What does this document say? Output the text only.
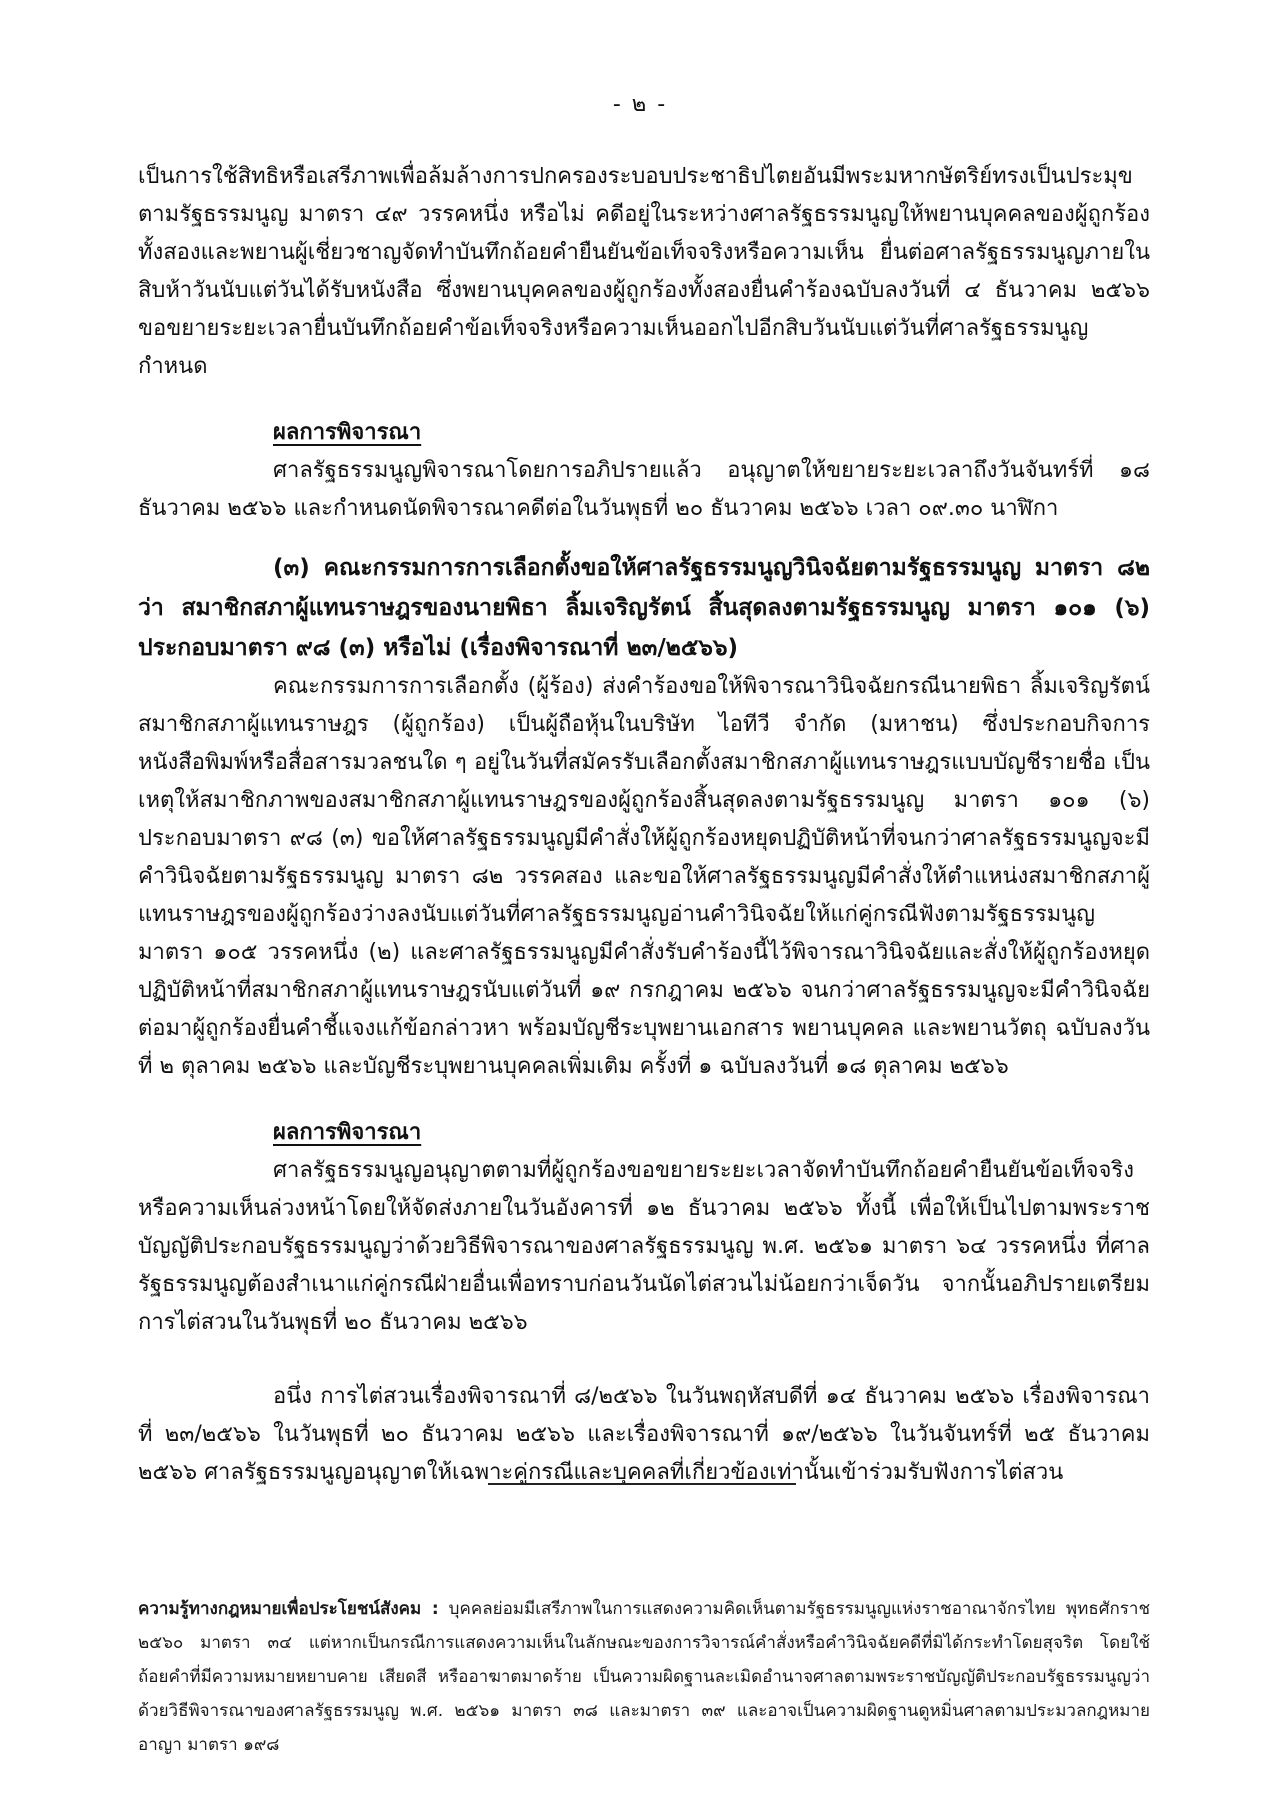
- ๒ -

เป็นการใช้สิทธิหรือเสรีภาพเพื่อล้มล้างการปกครองระบอบประชาธิปไตยอันมีพระมหากษัตริย์ทรงเป็นประมุข ตามรัฐธรรมนูญ มาตรา ๔๙ วรรคหนึ่ง หรือไม่ คดีอยู่ในระหว่างศาลรัฐธรรมนูญให้พยานบุคคลของผู้ถูกร้องทั้งสองและพยานผู้เชี่ยวชาญจัดทำบันทึกถ้อยคำยืนยันข้อเท็จจริงหรือความเห็น ยื่นต่อศาลรัฐธรรมนูญภายในสิบห้าวันนับแต่วันได้รับหนังสือ ซึ่งพยานบุคคลของผู้ถูกร้องทั้งสองยื่นคำร้องฉบับลงวันที่ ๔ ธันวาคม ๒๕๖๖ ขอขยายระยะเวลายื่นบันทึกถ้อยคำข้อเท็จจริงหรือความเห็นออกไปอีกสิบวันนับแต่วันที่ศาลรัฐธรรมนูญกำหนด

ผลการพิจารณา

ศาลรัฐธรรมนูญพิจารณาโดยการอภิปรายแล้ว อนุญาตให้ขยายระยะเวลาถึงวันจันทร์ที่ ๑๘ ธันวาคม ๒๕๖๖ และกำหนดนัดพิจารณาคดีต่อในวันพุธที่ ๒๐ ธันวาคม ๒๕๖๖ เวลา ๐๙.๓๐ นาฬิกา

(๓) คณะกรรมการการเลือกตั้งขอให้ศาลรัฐธรรมนูญวินิจฉัยตามรัฐธรรมนูญ มาตรา ๘๒ ว่า สมาชิกสภาผู้แทนราษฎรของนายพิธา ลิ้มเจริญรัตน์ สิ้นสุดลงตามรัฐธรรมนูญ มาตรา ๑๐๑ (๖) ประกอบมาตรา ๙๘ (๓) หรือไม่ (เรื่องพิจารณาที่ ๒๓/๒๕๖๖)

คณะกรรมการการเลือกตั้ง (ผู้ร้อง) ส่งคำร้องขอให้พิจารณาวินิจฉัยกรณีนายพิธา ลิ้มเจริญรัตน์ สมาชิกสภาผู้แทนราษฎร (ผู้ถูกร้อง) เป็นผู้ถือหุ้นในบริษัท ไอทีวี จำกัด (มหาชน) ซึ่งประกอบกิจการหนังสือพิมพ์หรือสื่อสารมวลชนใด ๆ อยู่ในวันที่สมัครรับเลือกตั้งสมาชิกสภาผู้แทนราษฎรแบบบัญชีรายชื่อ เป็นเหตุให้สมาชิกภาพของสมาชิกสภาผู้แทนราษฎรของผู้ถูกร้องสิ้นสุดลงตามรัฐธรรมนูญ มาตรา ๑๐๑ (๖) ประกอบมาตรา ๙๘ (๓) ขอให้ศาลรัฐธรรมนูญมีคำสั่งให้ผู้ถูกร้องหยุดปฏิบัติหน้าที่จนกว่าศาลรัฐธรรมนูญจะมีคำวินิจฉัยตามรัฐธรรมนูญ มาตรา ๘๒ วรรคสอง และขอให้ศาลรัฐธรรมนูญมีคำสั่งให้ตำแหน่งสมาชิกสภาผู้แทนราษฎรของผู้ถูกร้องว่างลงนับแต่วันที่ศาลรัฐธรรมนูญอ่านคำวินิจฉัยให้แก่คู่กรณีฟังตามรัฐธรรมนูญ มาตรา ๑๐๕ วรรคหนึ่ง (๒) และศาลรัฐธรรมนูญมีคำสั่งรับคำร้องนี้ไว้พิจารณาวินิจฉัยและสั่งให้ผู้ถูกร้องหยุดปฏิบัติหน้าที่สมาชิกสภาผู้แทนราษฎรนับแต่วันที่ ๑๙ กรกฎาคม ๒๕๖๖ จนกว่าศาลรัฐธรรมนูญจะมีคำวินิจฉัย ต่อมาผู้ถูกร้องยื่นคำชี้แจงแก้ข้อกล่าวหา พร้อมบัญชีระบุพยานเอกสาร พยานบุคคล และพยานวัตถุ ฉบับลงวันที่ ๒ ตุลาคม ๒๕๖๖ และบัญชีระบุพยานบุคคลเพิ่มเติม ครั้งที่ ๑ ฉบับลงวันที่ ๑๘ ตุลาคม ๒๕๖๖

ผลการพิจารณา

ศาลรัฐธรรมนูญอนุญาตตามที่ผู้ถูกร้องขอขยายระยะเวลาจัดทำบันทึกถ้อยคำยืนยันข้อเท็จจริงหรือความเห็นล่วงหน้าโดยให้จัดส่งภายในวันอังคารที่ ๑๒ ธันวาคม ๒๕๖๖ ทั้งนี้ เพื่อให้เป็นไปตามพระราชบัญญัติประกอบรัฐธรรมนูญว่าด้วยวิธีพิจารณาของศาลรัฐธรรมนูญ พ.ศ. ๒๕๖๑ มาตรา ๖๔ วรรคหนึ่ง ที่ศาลรัฐธรรมนูญต้องสำเนาแก่คู่กรณีฝ่ายอื่นเพื่อทราบก่อนวันนัดไต่สวนไม่น้อยกว่าเจ็ดวัน จากนั้นอภิปรายเตรียมการไต่สวนในวันพุธที่ ๒๐ ธันวาคม ๒๕๖๖

อนึ่ง การไต่สวนเรื่องพิจารณาที่ ๘/๒๕๖๖ ในวันพฤหัสบดีที่ ๑๔ ธันวาคม ๒๕๖๖ เรื่องพิจารณาที่ ๒๓/๒๕๖๖ ในวันพุธที่ ๒๐ ธันวาคม ๒๕๖๖ และเรื่องพิจารณาที่ ๑๙/๒๕๖๖ ในวันจันทร์ที่ ๒๕ ธันวาคม ๒๕๖๖ ศาลรัฐธรรมนูญอนุญาตให้เฉพาะคู่กรณีและบุคคลที่เกี่ยวข้องเท่านั้นเข้าร่วมรับฟังการไต่สวน

ความรู้ทางกฎหมายเพื่อประโยชน์สังคม : บุคคลย่อมมีเสรีภาพในการแสดงความคิดเห็นตามรัฐธรรมนูญแห่งราชอาณาจักรไทย พุทธศักราช ๒๕๖๐ มาตรา ๓๔ แต่หากเป็นกรณีการแสดงความเห็นในลักษณะของการวิจารณ์คำสั่งหรือคำวินิจฉัยคดีที่มิได้กระทำโดยสุจริต โดยใช้ถ้อยคำที่มีความหมายหยาบคาย เสียดสี หรืออาฆาตมาดร้าย เป็นความผิดฐานละเมิดอำนาจศาลตามพระราชบัญญัติประกอบรัฐธรรมนูญว่าด้วยวิธีพิจารณาของศาลรัฐธรรมนูญ พ.ศ. ๒๕๖๑ มาตรา ๓๘ และมาตรา ๓๙ และอาจเป็นความผิดฐานดูหมิ่นศาลตามประมวลกฎหมายอาญา มาตรา ๑๙๘
